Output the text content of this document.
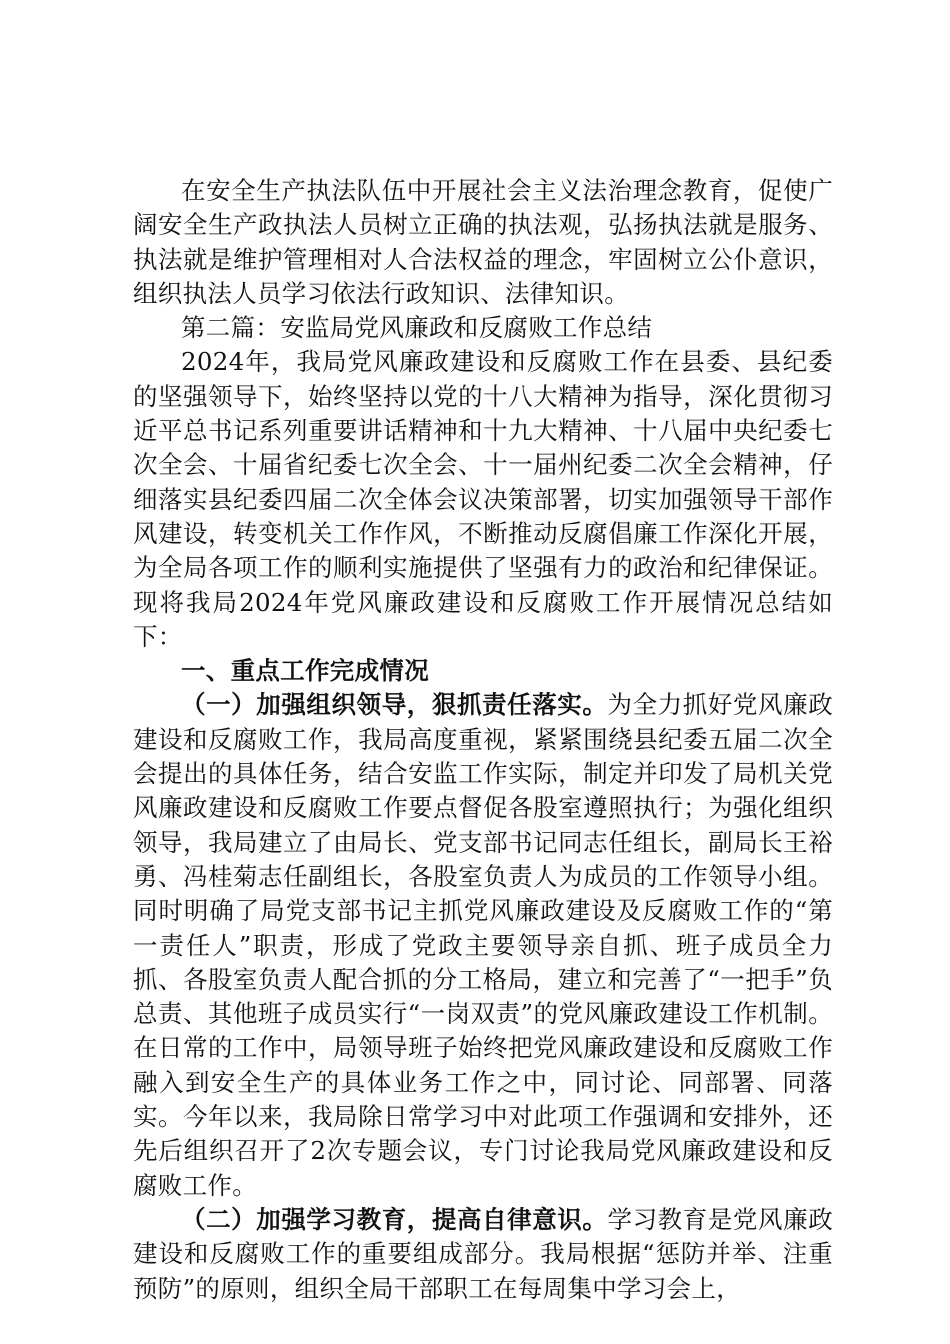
在安全生产执法队伍中开展社会主义法治理念教育，促使广阔安全生产政执法人员树立正确的执法观，弘扬执法就是服务、执法就是维护管理相对人合法权益的理念，牢固树立公仆意识，组织执法人员学习依法行政知识、法律知识。

第二篇：安监局党风廉政和反腐败工作总结

2024年，我局党风廉政建设和反腐败工作在县委、县纪委的坚强领导下，始终坚持以党的十八大精神为指导，深化贯彻习近平总书记系列重要讲话精神和十九大精神、十八届中央纪委七次全会、十届省纪委七次全会、十一届州纪委二次全会精神，仔细落实县纪委四届二次全体会议决策部署，切实加强领导干部作风建设，转变机关工作作风，不断推动反腐倡廉工作深化开展，为全局各项工作的顺利实施提供了坚强有力的政治和纪律保证。现将我局2024年党风廉政建设和反腐败工作开展情况总结如下：

一、重点工作完成情况

（一）加强组织领导，狠抓责任落实。为全力抓好党风廉政建设和反腐败工作，我局高度重视，紧紧围绕县纪委五届二次全会提出的具体任务，结合安监工作实际，制定并印发了局机关党风廉政建设和反腐败工作要点督促各股室遵照执行；为强化组织领导，我局建立了由局长、党支部书记同志任组长，副局长王裕勇、冯桂菊志任副组长，各股室负责人为成员的工作领导小组。同时明确了局党支部书记主抓党风廉政建设及反腐败工作的“第一责任人”职责，形成了党政主要领导亲自抓、班子成员全力抓、各股室负责人配合抓的分工格局，建立和完善了“一把手”负总责、其他班子成员实行“一岗双责”的党风廉政建设工作机制。在日常的工作中，局领导班子始终把党风廉政建设和反腐败工作融入到安全生产的具体业务工作之中，同讨论、同部署、同落实。今年以来，我局除日常学习中对此项工作强调和安排外，还先后组织召开了2次专题会议，专门讨论我局党风廉政建设和反腐败工作。

（二）加强学习教育，提高自律意识。学习教育是党风廉政建设和反腐败工作的重要组成部分。我局根据“惩防并举、注重预防”的原则，组织全局干部职工在每周集中学习会上，
